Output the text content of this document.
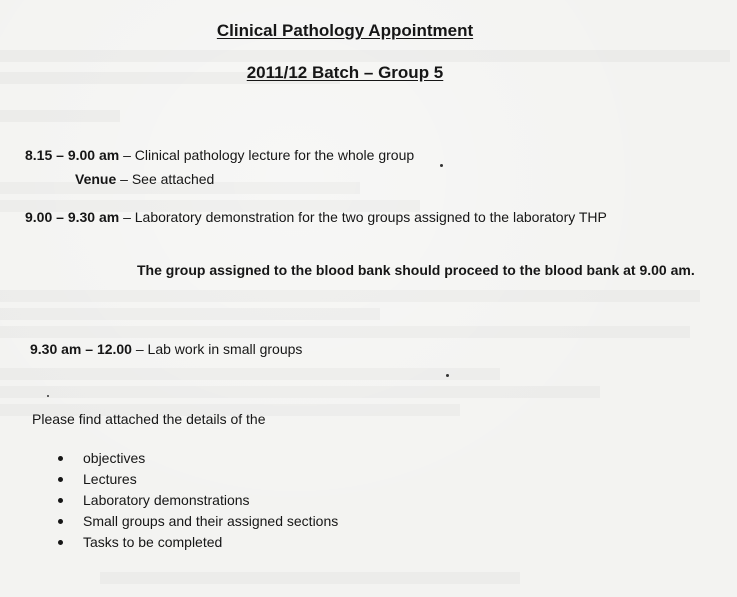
Clinical Pathology Appointment
2011/12 Batch – Group 5
8.15 – 9.00 am – Clinical pathology lecture for the whole group
Venue – See attached
9.00 – 9.30 am – Laboratory demonstration for the two groups assigned to the laboratory THP
The group assigned to the blood bank should proceed to the blood bank at 9.00 am.
9.30 am – 12.00 – Lab work in small groups
Please find attached the details of the
objectives
Lectures
Laboratory demonstrations
Small groups and their assigned sections
Tasks to be completed
